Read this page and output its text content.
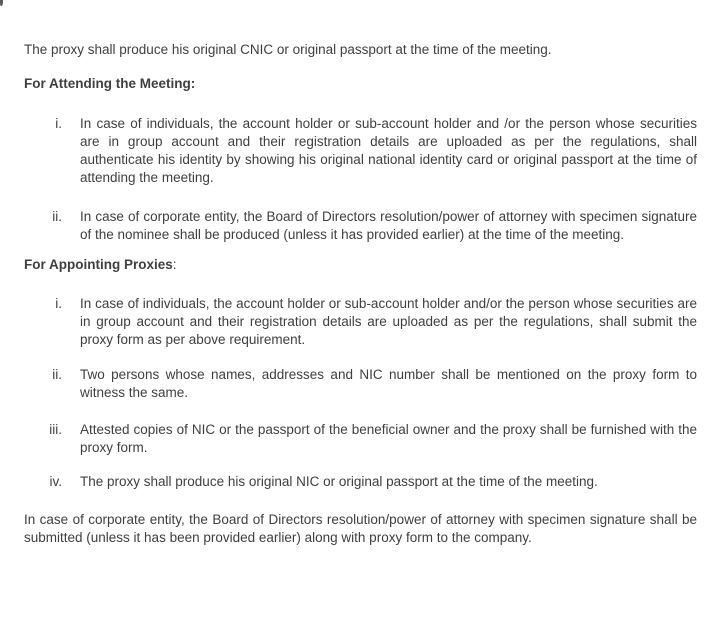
The proxy shall produce his original CNIC or original passport at the time of the meeting.

For Attending the Meeting:
i.	In case of individuals, the account holder or sub-account holder and /or the person whose securities are in group account and their registration details are uploaded as per the regulations, shall authenticate his identity by showing his original national identity card or original passport at the time of attending the meeting.
ii.	In case of corporate entity, the Board of Directors resolution/power of attorney with specimen signature of the nominee shall be produced (unless it has provided earlier) at the time of the meeting.
For Appointing Proxies:
i.	In case of individuals, the account holder or sub-account holder and/or the person whose securities are in group account and their registration details are uploaded as per the regulations, shall submit the proxy form as per above requirement.
ii.	Two persons whose names, addresses and NIC number shall be mentioned on the proxy form to witness the same.
iii.	Attested copies of NIC or the passport of the beneficial owner and the proxy shall be furnished with the proxy form.
iv.	The proxy shall produce his original NIC or original passport at the time of the meeting.

In case of corporate entity, the Board of Directors resolution/power of attorney with specimen signature shall be submitted (unless it has been provided earlier) along with proxy form to the company.
